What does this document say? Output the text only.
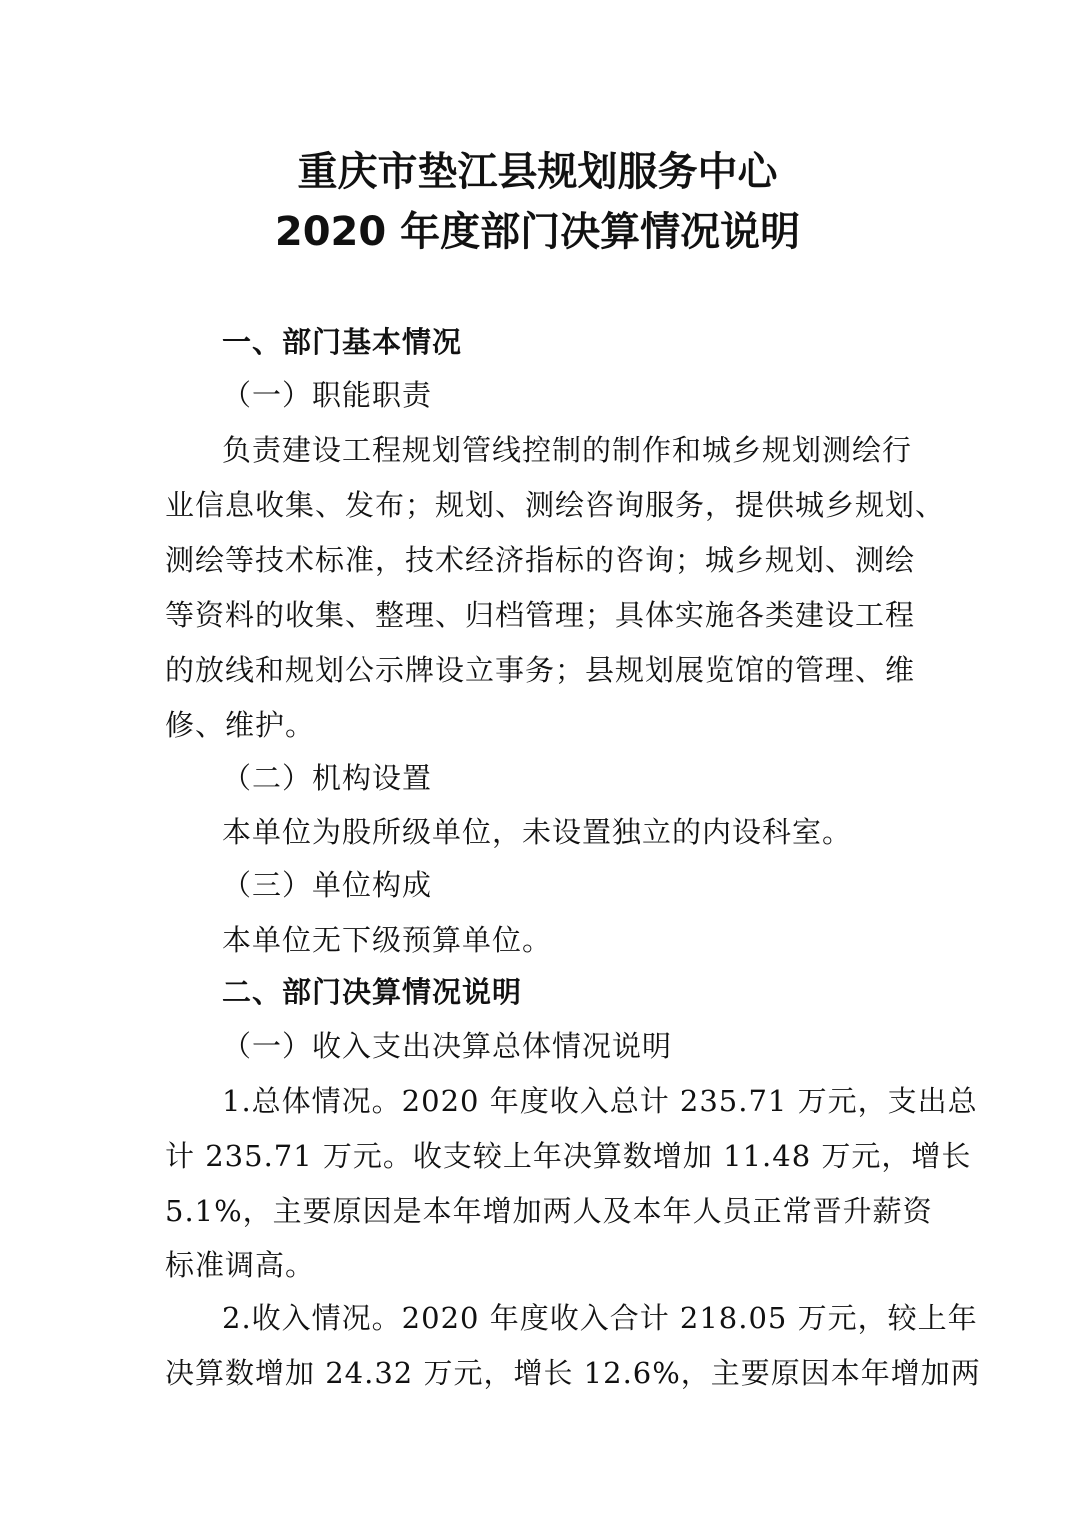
重庆市垫江县规划服务中心
2020 年度部门决算情况说明
一、部门基本情况
（一）职能职责
负责建设工程规划管线控制的制作和城乡规划测绘行
业信息收集、发布；规划、测绘咨询服务，提供城乡规划、
测绘等技术标准，技术经济指标的咨询；城乡规划、测绘
等资料的收集、整理、归档管理；具体实施各类建设工程
的放线和规划公示牌设立事务；县规划展览馆的管理、维
修、维护。
（二）机构设置
本单位为股所级单位，未设置独立的内设科室。
（三）单位构成
本单位无下级预算单位。
二、部门决算情况说明
（一）收入支出决算总体情况说明
1.总体情况。2020 年度收入总计 235.71 万元，支出总
计 235.71 万元。收支较上年决算数增加 11.48 万元，增长
5.1%，主要原因是本年增加两人及本年人员正常晋升薪资
标准调高。
2.收入情况。2020 年度收入合计 218.05 万元，较上年
决算数增加 24.32 万元，增长 12.6%，主要原因本年增加两
